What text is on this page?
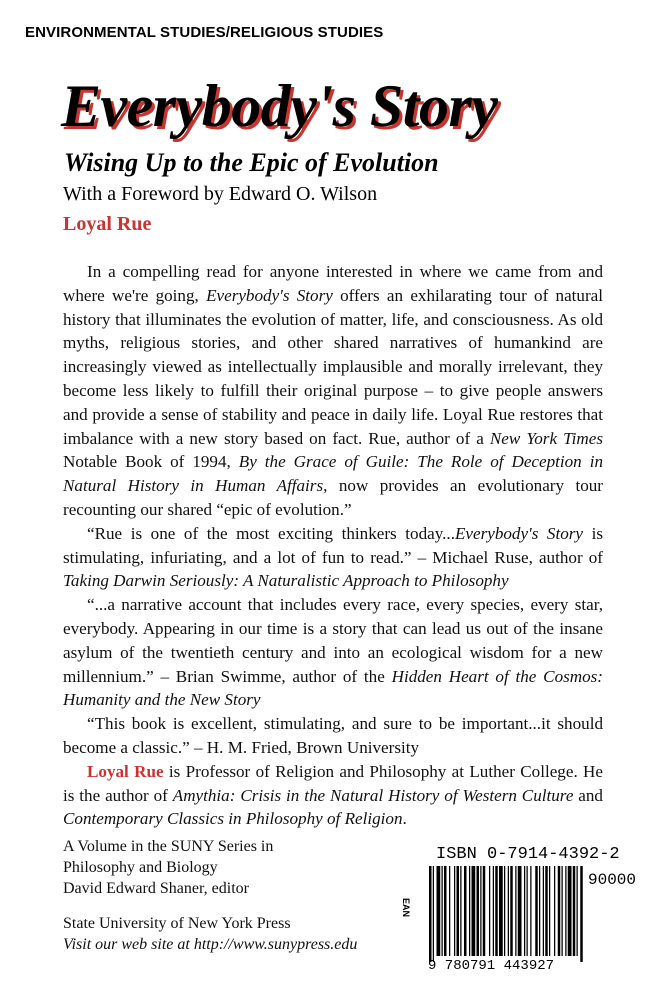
ENVIRONMENTAL STUDIES/RELIGIOUS STUDIES
Everybody's Story
Wising Up to the Epic of Evolution
With a Foreword by Edward O. Wilson
Loyal Rue

In a compelling read for anyone interested in where we came from and where we're going, Everybody's Story offers an exhilarating tour of natural history that illuminates the evolution of matter, life, and consciousness. As old myths, religious stories, and other shared narratives of humankind are increasingly viewed as intellectually implausible and morally irrelevant, they become less likely to fulfill their original purpose – to give people answers and provide a sense of stability and peace in daily life. Loyal Rue restores that imbalance with a new story based on fact. Rue, author of a New York Times Notable Book of 1994, By the Grace of Guile: The Role of Deception in Natural History in Human Affairs, now provides an evolutionary tour recounting our shared “epic of evolution.”

“Rue is one of the most exciting thinkers today...Everybody's Story is stimulating, infuriating, and a lot of fun to read.” – Michael Ruse, author of Taking Darwin Seriously: A Naturalistic Approach to Philosophy

“...a narrative account that includes every race, every species, every star, everybody. Appearing in our time is a story that can lead us out of the insane asylum of the twentieth century and into an ecological wisdom for a new millennium.” – Brian Swimme, author of the Hidden Heart of the Cosmos: Humanity and the New Story

“This book is excellent, stimulating, and sure to be important...it should become a classic.” – H. M. Fried, Brown University

Loyal Rue is Professor of Religion and Philosophy at Luther College. He is the author of Amythia: Crisis in the Natural History of Western Culture and Contemporary Classics in Philosophy of Religion.

A Volume in the SUNY Series in
Philosophy and Biology
David Edward Shaner, editor
State University of New York Press
Visit our web site at http://www.sunypress.edu
ISBN 0-7914-4392-2
EAN
90000
9 780791 443927
